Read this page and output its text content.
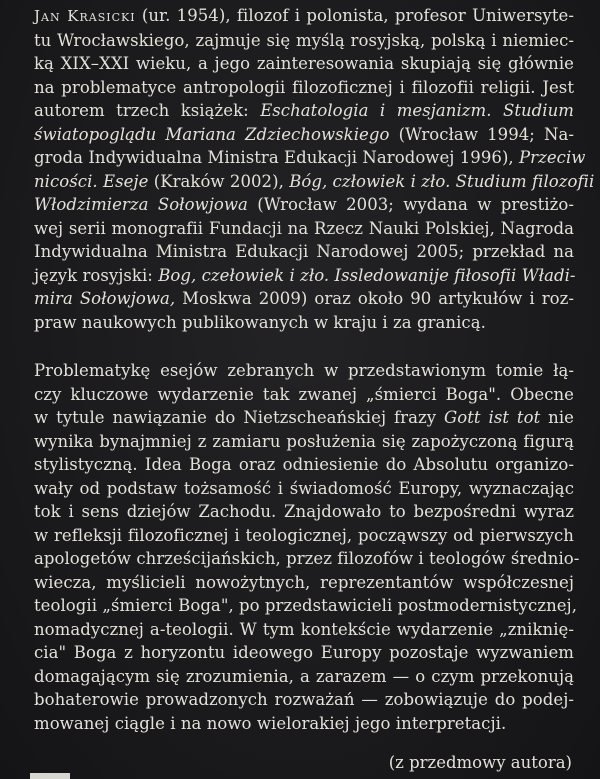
Jan Krasicki (ur. 1954), filozof i polonista, profesor Uniwersyte-
tu Wrocławskiego, zajmuje się myślą rosyjską, polską i niemiec-
ką XIX–XXI wieku, a jego zainteresowania skupiają się głównie
na problematyce antropologii filozoficznej i filozofii religii. Jest
autorem trzech książek: Eschatologia i mesjanizm. Studium
światopoglądu Mariana Zdziechowskiego (Wrocław 1994; Na-
groda Indywidualna Ministra Edukacji Narodowej 1996), Przeciw
nicości. Eseje (Kraków 2002), Bóg, człowiek i zło. Studium filozofii
Włodzimierza Sołowjowa (Wrocław 2003; wydana w prestiżo-
wej serii monografii Fundacji na Rzecz Nauki Polskiej, Nagroda
Indywidualna Ministra Edukacji Narodowej 2005; przekład na
język rosyjski: Bog, czełowiek i zło. Issledowanije fiłosofii Władi-
mira Sołowjowa, Moskwa 2009) oraz około 90 artykułów i roz-
praw naukowych publikowanych w kraju i za granicą.
Problematykę esejów zebranych w przedstawionym tomie łą-
czy kluczowe wydarzenie tak zwanej „śmierci Boga". Obecne
w tytule nawiązanie do Nietzscheańskiej frazy Gott ist tot nie
wynika bynajmniej z zamiaru posłużenia się zapożyczoną figurą
stylistyczną. Idea Boga oraz odniesienie do Absolutu organizo-
wały od podstaw tożsamość i świadomość Europy, wyznaczając
tok i sens dziejów Zachodu. Znajdowało to bezpośredni wyraz
w refleksji filozoficznej i teologicznej, począwszy od pierwszych
apologetów chrześcijańskich, przez filozofów i teologów średnio-
wiecza, myślicieli nowożytnych, reprezentantów współczesnej
teologii „śmierci Boga", po przedstawicieli postmodernistycznej,
nomadycznej a-teologii. W tym kontekście wydarzenie „zniknię-
cia" Boga z horyzontu ideowego Europy pozostaje wyzwaniem
domagającym się zrozumienia, a zarazem — o czym przekonują
bohaterowie prowadzonych rozważań — zobowiązuje do podej-
mowanej ciągle i na nowo wielorakiej jego interpretacji.
(z przedmowy autora)
